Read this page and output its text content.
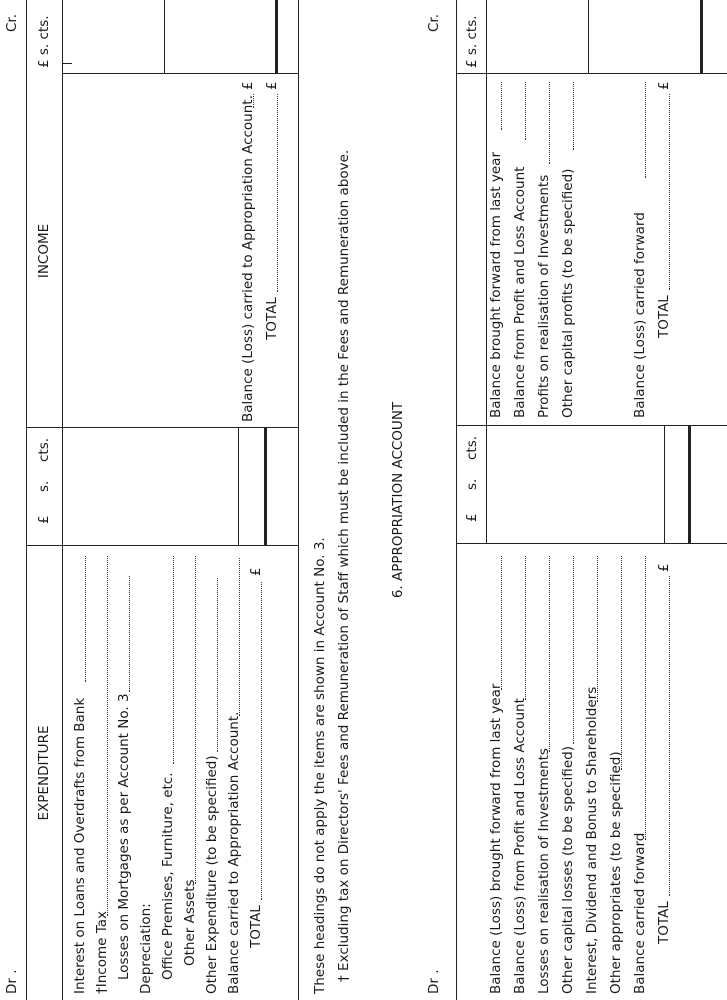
Dr .
Cr.
EXPENDITURE
INCOME
£
s.
cts.
£ s. cts.
Interest on Loans and Overdrafts from Bank †Income Tax Losses on Mortgages as per Account No. 3 Depreciation: Office Premises, Furniture, etc. Other Assets Other Expenditure (to be specified) Balance carried to Appropriation Account. TOTAL
£
Balance (Loss) carried to Appropriation Account.
£
TOTAL
£
These headings do not apply the items are shown in Account No. 3. † Excluding tax on Directors' Fees and Remuneration of Staff which must be included in the Fees and Remuneration above.	6. APPROPRIATION ACCOUNT
Dr .
Cr.
£
s.
cts.
£ s. cts.
Balance (Loss) brought forward from last year Balance (Loss) from Profit and Loss Account Losses on realisation of Investments Other capital losses (to be specified) Interest, Dividend and Bonus to Shareholders Other appropriates (to be specified) Balance carried forward TOTAL
£
Balance brought forward from last year Balance from Profit and Loss Account Profits on realisation of Investments Other capital profits (to be specified)	Balance (Loss) carried forward TOTAL
£
